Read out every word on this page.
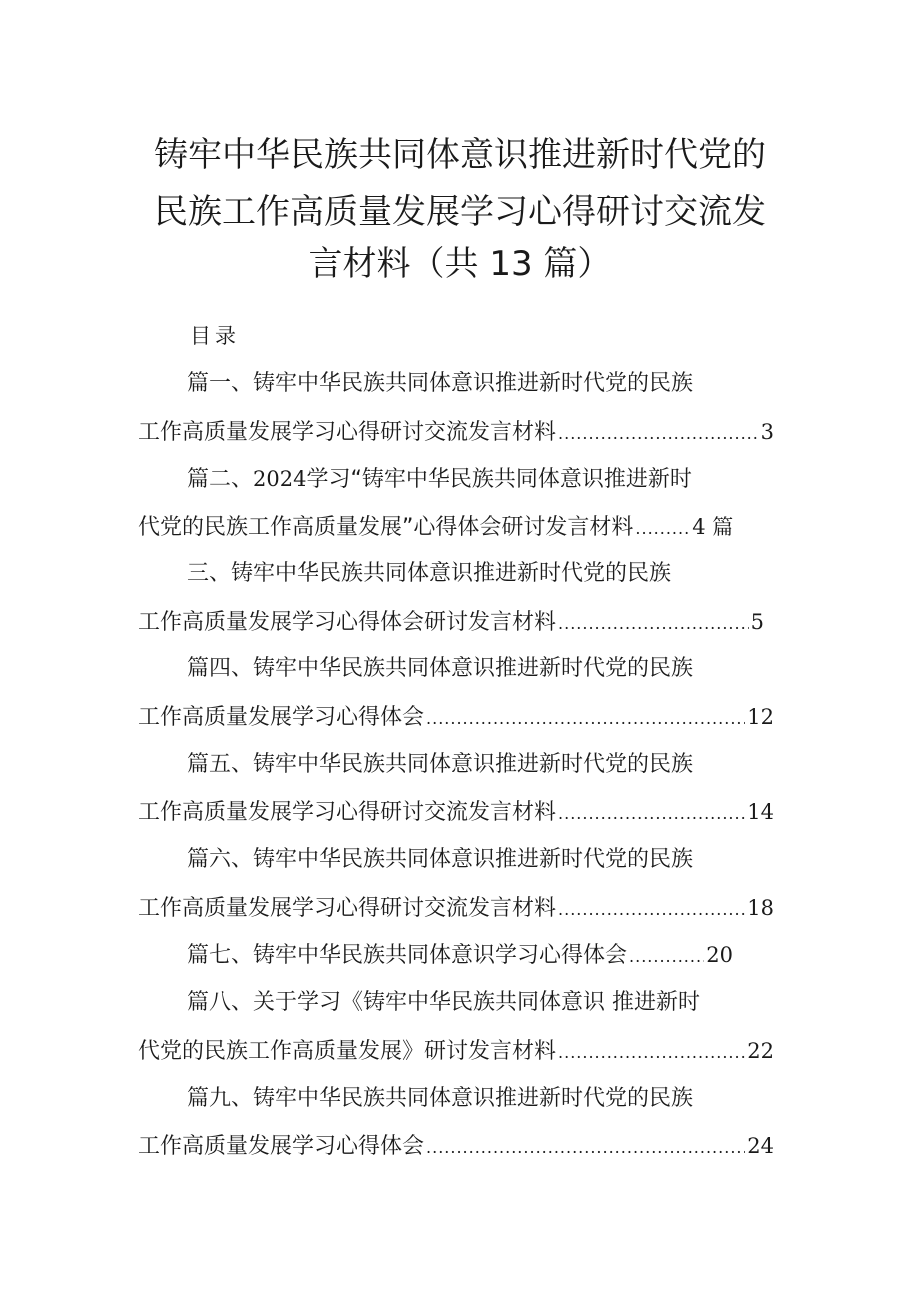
铸牢中华民族共同体意识推进新时代党的
民族工作高质量发展学习心得研讨交流发
言材料（共 13 篇）
目录
篇一、铸牢中华民族共同体意识推进新时代党的民族
工作高质量发展学习心得研讨交流发言材料 .....	3
篇二、 2024 学习“铸牢中华民族共同体意识推进新时
代党的民族工作高质量发展”心得体会研讨发言材料 ......... 4 篇
三、铸牢中华民族共同体意识推进新时代党的民族
工作高质量发展学习心得体会研讨发言材料 .....	5
篇四、铸牢中华民族共同体意识推进新时代党的民族
工作高质量发展学习心得体会 .....	12
篇五、铸牢中华民族共同体意识推进新时代党的民族
工作高质量发展学习心得研讨交流发言材料 .....	14
篇六、铸牢中华民族共同体意识推进新时代党的民族
工作高质量发展学习心得研讨交流发言材料 .....	18
篇七、铸牢中华民族共同体意识学习心得体会 .....	20
篇八、关于学习《铸牢中华民族共同体意识 推进新时
代党的民族工作高质量发展》研讨发言材料 .....	22
篇九、铸牢中华民族共同体意识推进新时代党的民族
工作高质量发展学习心得体会 .....	24
